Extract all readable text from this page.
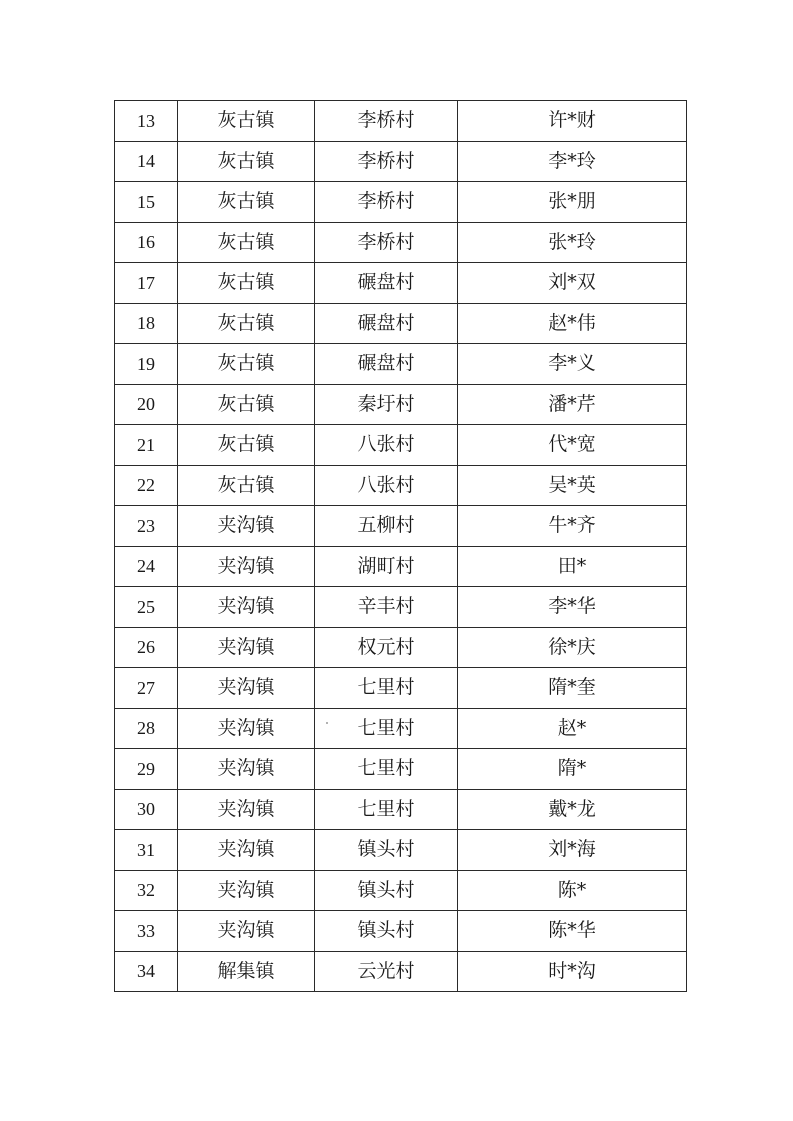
13	灰古镇	李桥村	许*财
14	灰古镇	李桥村	李*玲
15	灰古镇	李桥村	张*朋
16	灰古镇	李桥村	张*玲
17	灰古镇	碾盘村	刘*双
18	灰古镇	碾盘村	赵*伟
19	灰古镇	碾盘村	李*义
20	灰古镇	秦圩村	潘*芹
21	灰古镇	八张村	代*宽
22	灰古镇	八张村	吴*英
23	夹沟镇	五柳村	牛*齐
24	夹沟镇	湖町村	田*
25	夹沟镇	辛丰村	李*华
26	夹沟镇	权元村	徐*庆
27	夹沟镇	七里村	隋*奎
28	夹沟镇	七里村	赵*
29	夹沟镇	七里村	隋*
30	夹沟镇	七里村	戴*龙
31	夹沟镇	镇头村	刘*海
32	夹沟镇	镇头村	陈*
33	夹沟镇	镇头村	陈*华
34	解集镇	云光村	时*沟
